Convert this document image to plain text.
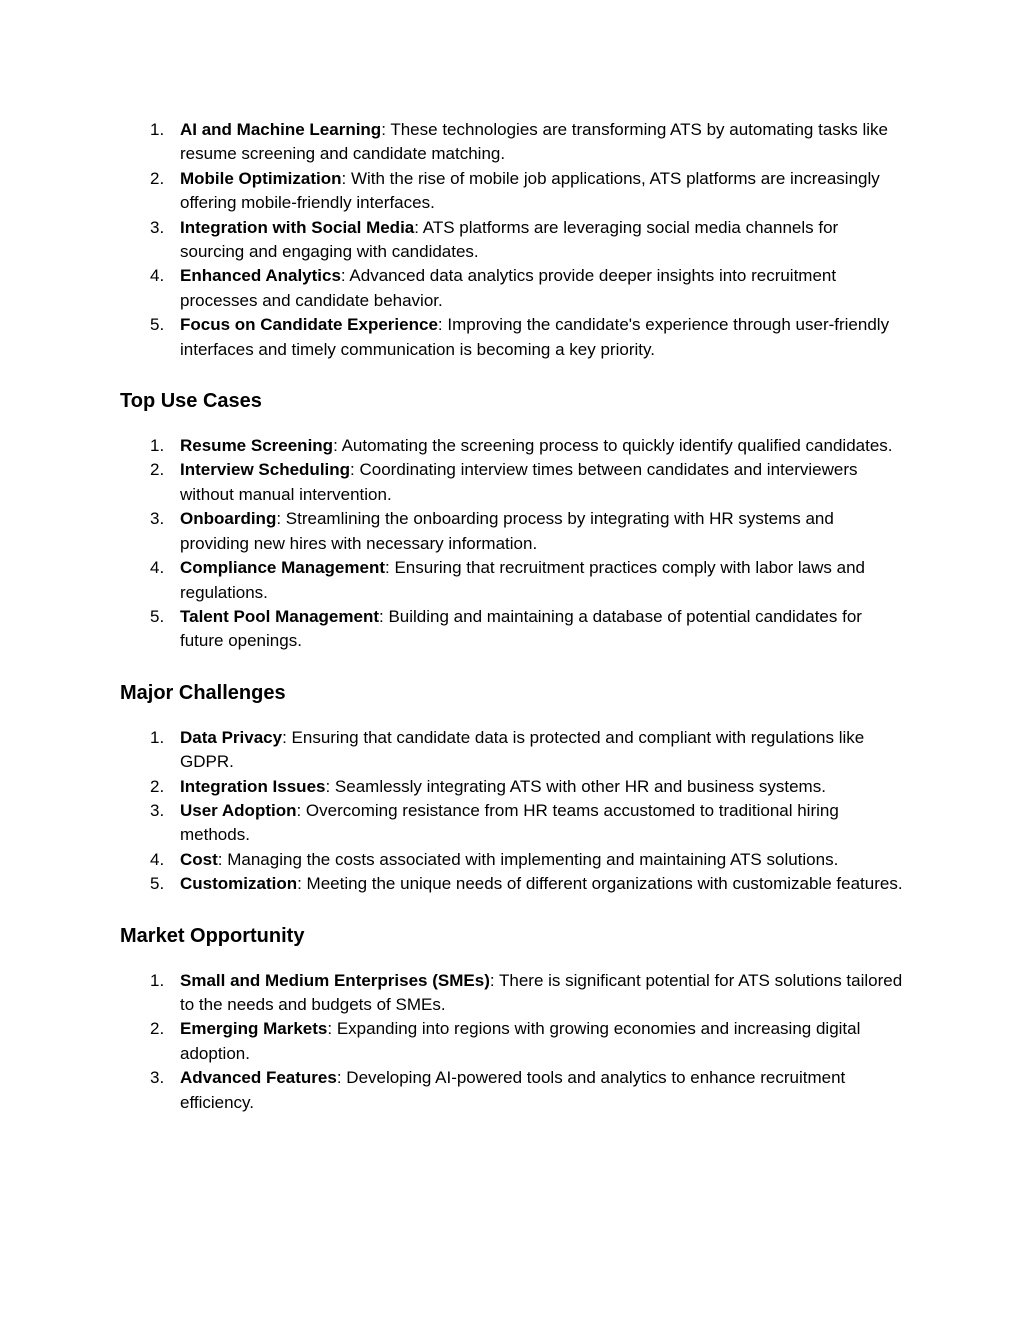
1. AI and Machine Learning: These technologies are transforming ATS by automating tasks like resume screening and candidate matching.
2. Mobile Optimization: With the rise of mobile job applications, ATS platforms are increasingly offering mobile-friendly interfaces.
3. Integration with Social Media: ATS platforms are leveraging social media channels for sourcing and engaging with candidates.
4. Enhanced Analytics: Advanced data analytics provide deeper insights into recruitment processes and candidate behavior.
5. Focus on Candidate Experience: Improving the candidate's experience through user-friendly interfaces and timely communication is becoming a key priority.
Top Use Cases
1. Resume Screening: Automating the screening process to quickly identify qualified candidates.
2. Interview Scheduling: Coordinating interview times between candidates and interviewers without manual intervention.
3. Onboarding: Streamlining the onboarding process by integrating with HR systems and providing new hires with necessary information.
4. Compliance Management: Ensuring that recruitment practices comply with labor laws and regulations.
5. Talent Pool Management: Building and maintaining a database of potential candidates for future openings.
Major Challenges
1. Data Privacy: Ensuring that candidate data is protected and compliant with regulations like GDPR.
2. Integration Issues: Seamlessly integrating ATS with other HR and business systems.
3. User Adoption: Overcoming resistance from HR teams accustomed to traditional hiring methods.
4. Cost: Managing the costs associated with implementing and maintaining ATS solutions.
5. Customization: Meeting the unique needs of different organizations with customizable features.
Market Opportunity
1. Small and Medium Enterprises (SMEs): There is significant potential for ATS solutions tailored to the needs and budgets of SMEs.
2. Emerging Markets: Expanding into regions with growing economies and increasing digital adoption.
3. Advanced Features: Developing AI-powered tools and analytics to enhance recruitment efficiency.
